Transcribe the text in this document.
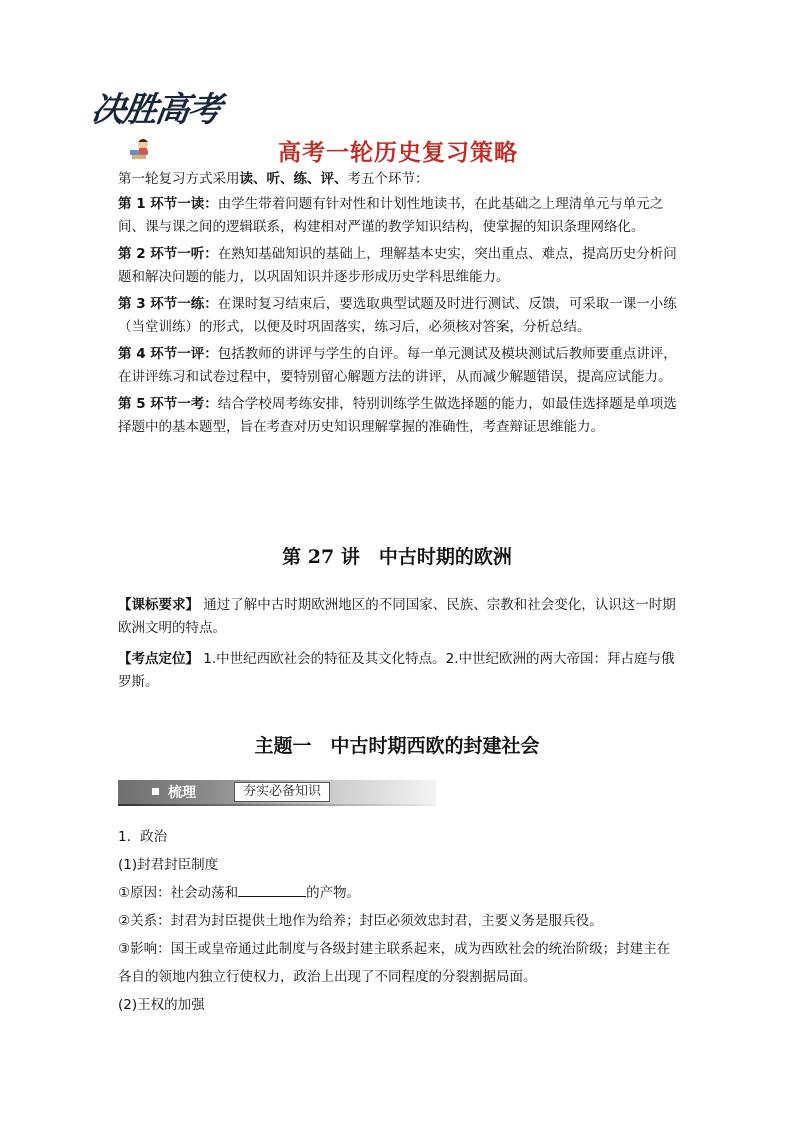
决胜高考
高考一轮历史复习策略

第一轮复习方式采用读、听、练、评、考五个环节：

第 1 环节一读：由学生带着问题有针对性和计划性地读书，在此基础之上理清单元与单元之间、课与课之间的逻辑联系，构建相对严谨的教学知识结构，使掌握的知识条理网络化。

第 2 环节一听：在熟知基础知识的基础上，理解基本史实，突出重点、难点，提高历史分析问题和解决问题的能力，以巩固知识并逐步形成历史学科思维能力。

第 3 环节一练：在课时复习结束后，要选取典型试题及时进行测试、反馈，可采取一课一小练（当堂训练）的形式，以便及时巩固落实，练习后，必须核对答案，分析总结。

第 4 环节一评：包括教师的讲评与学生的自评。每一单元测试及模块测试后教师要重点讲评，在讲评练习和试卷过程中，要特别留心解题方法的讲评，从而减少解题错误，提高应试能力。

第 5 环节一考：结合学校周考练安排，特别训练学生做选择题的能力，如最佳选择题是单项选择题中的基本题型，旨在考查对历史知识理解掌握的准确性，考查辩证思维能力。

第 27 讲　中古时期的欧洲

【课标要求】 通过了解中古时期欧洲地区的不同国家、民族、宗教和社会变化，认识这一时期欧洲文明的特点。

【考点定位】 1.中世纪西欧社会的特征及其文化特点。2.中世纪欧洲的两大帝国：拜占庭与俄罗斯。

主题一　中古时期西欧的封建社会
梳理	夯实必备知识

1．政治

(1)封君封臣制度

①原因：社会动荡和	的产物。

②关系：封君为封臣提供土地作为给养；封臣必须效忠封君，主要义务是服兵役。

③影响：国王或皇帝通过此制度与各级封建主联系起来，成为西欧社会的统治阶级；封建主在各自的领地内独立行使权力，政治上出现了不同程度的分裂割据局面。

(2)王权的加强
